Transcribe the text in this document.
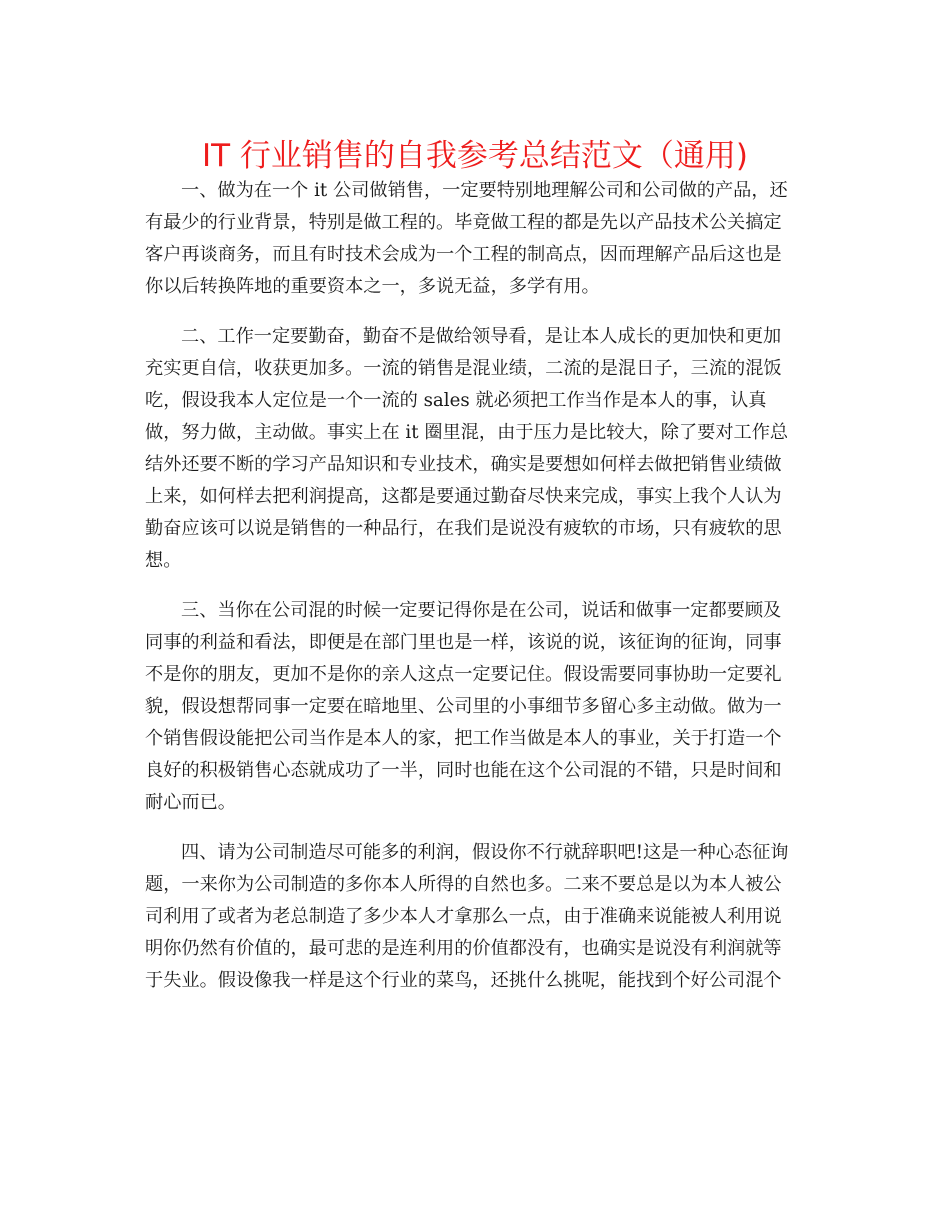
IT 行业销售的自我参考总结范文（通用)

一、做为在一个 it 公司做销售，一定要特别地理解公司和公司做的产品，还
有最少的行业背景，特别是做工程的。毕竟做工程的都是先以产品技术公关搞定
客户再谈商务，而且有时技术会成为一个工程的制高点，因而理解产品后这也是
你以后转换阵地的重要资本之一，多说无益，多学有用。

二、工作一定要勤奋，勤奋不是做给领导看，是让本人成长的更加快和更加
充实更自信，收获更加多。一流的销售是混业绩，二流的是混日子，三流的混饭
吃，假设我本人定位是一个一流的 sales 就必须把工作当作是本人的事，认真
做，努力做，主动做。事实上在 it 圈里混，由于压力是比较大，除了要对工作总
结外还要不断的学习产品知识和专业技术，确实是要想如何样去做把销售业绩做
上来，如何样去把利润提高，这都是要通过勤奋尽快来完成，事实上我个人认为
勤奋应该可以说是销售的一种品行，在我们是说没有疲软的市场，只有疲软的思
想。

三、当你在公司混的时候一定要记得你是在公司，说话和做事一定都要顾及
同事的利益和看法，即便是在部门里也是一样，该说的说，该征询的征询，同事
不是你的朋友，更加不是你的亲人这点一定要记住。假设需要同事协助一定要礼
貌，假设想帮同事一定要在暗地里、公司里的小事细节多留心多主动做。做为一
个销售假设能把公司当作是本人的家，把工作当做是本人的事业，关于打造一个
良好的积极销售心态就成功了一半，同时也能在这个公司混的不错，只是时间和
耐心而已。

四、请为公司制造尽可能多的利润，假设你不行就辞职吧!这是一种心态征询
题，一来你为公司制造的多你本人所得的自然也多。二来不要总是以为本人被公
司利用了或者为老总制造了多少本人才拿那么一点，由于准确来说能被人利用说
明你仍然有价值的，最可悲的是连利用的价值都没有，也确实是说没有利润就等
于失业。假设像我一样是这个行业的菜鸟，还挑什么挑呢，能找到个好公司混个
